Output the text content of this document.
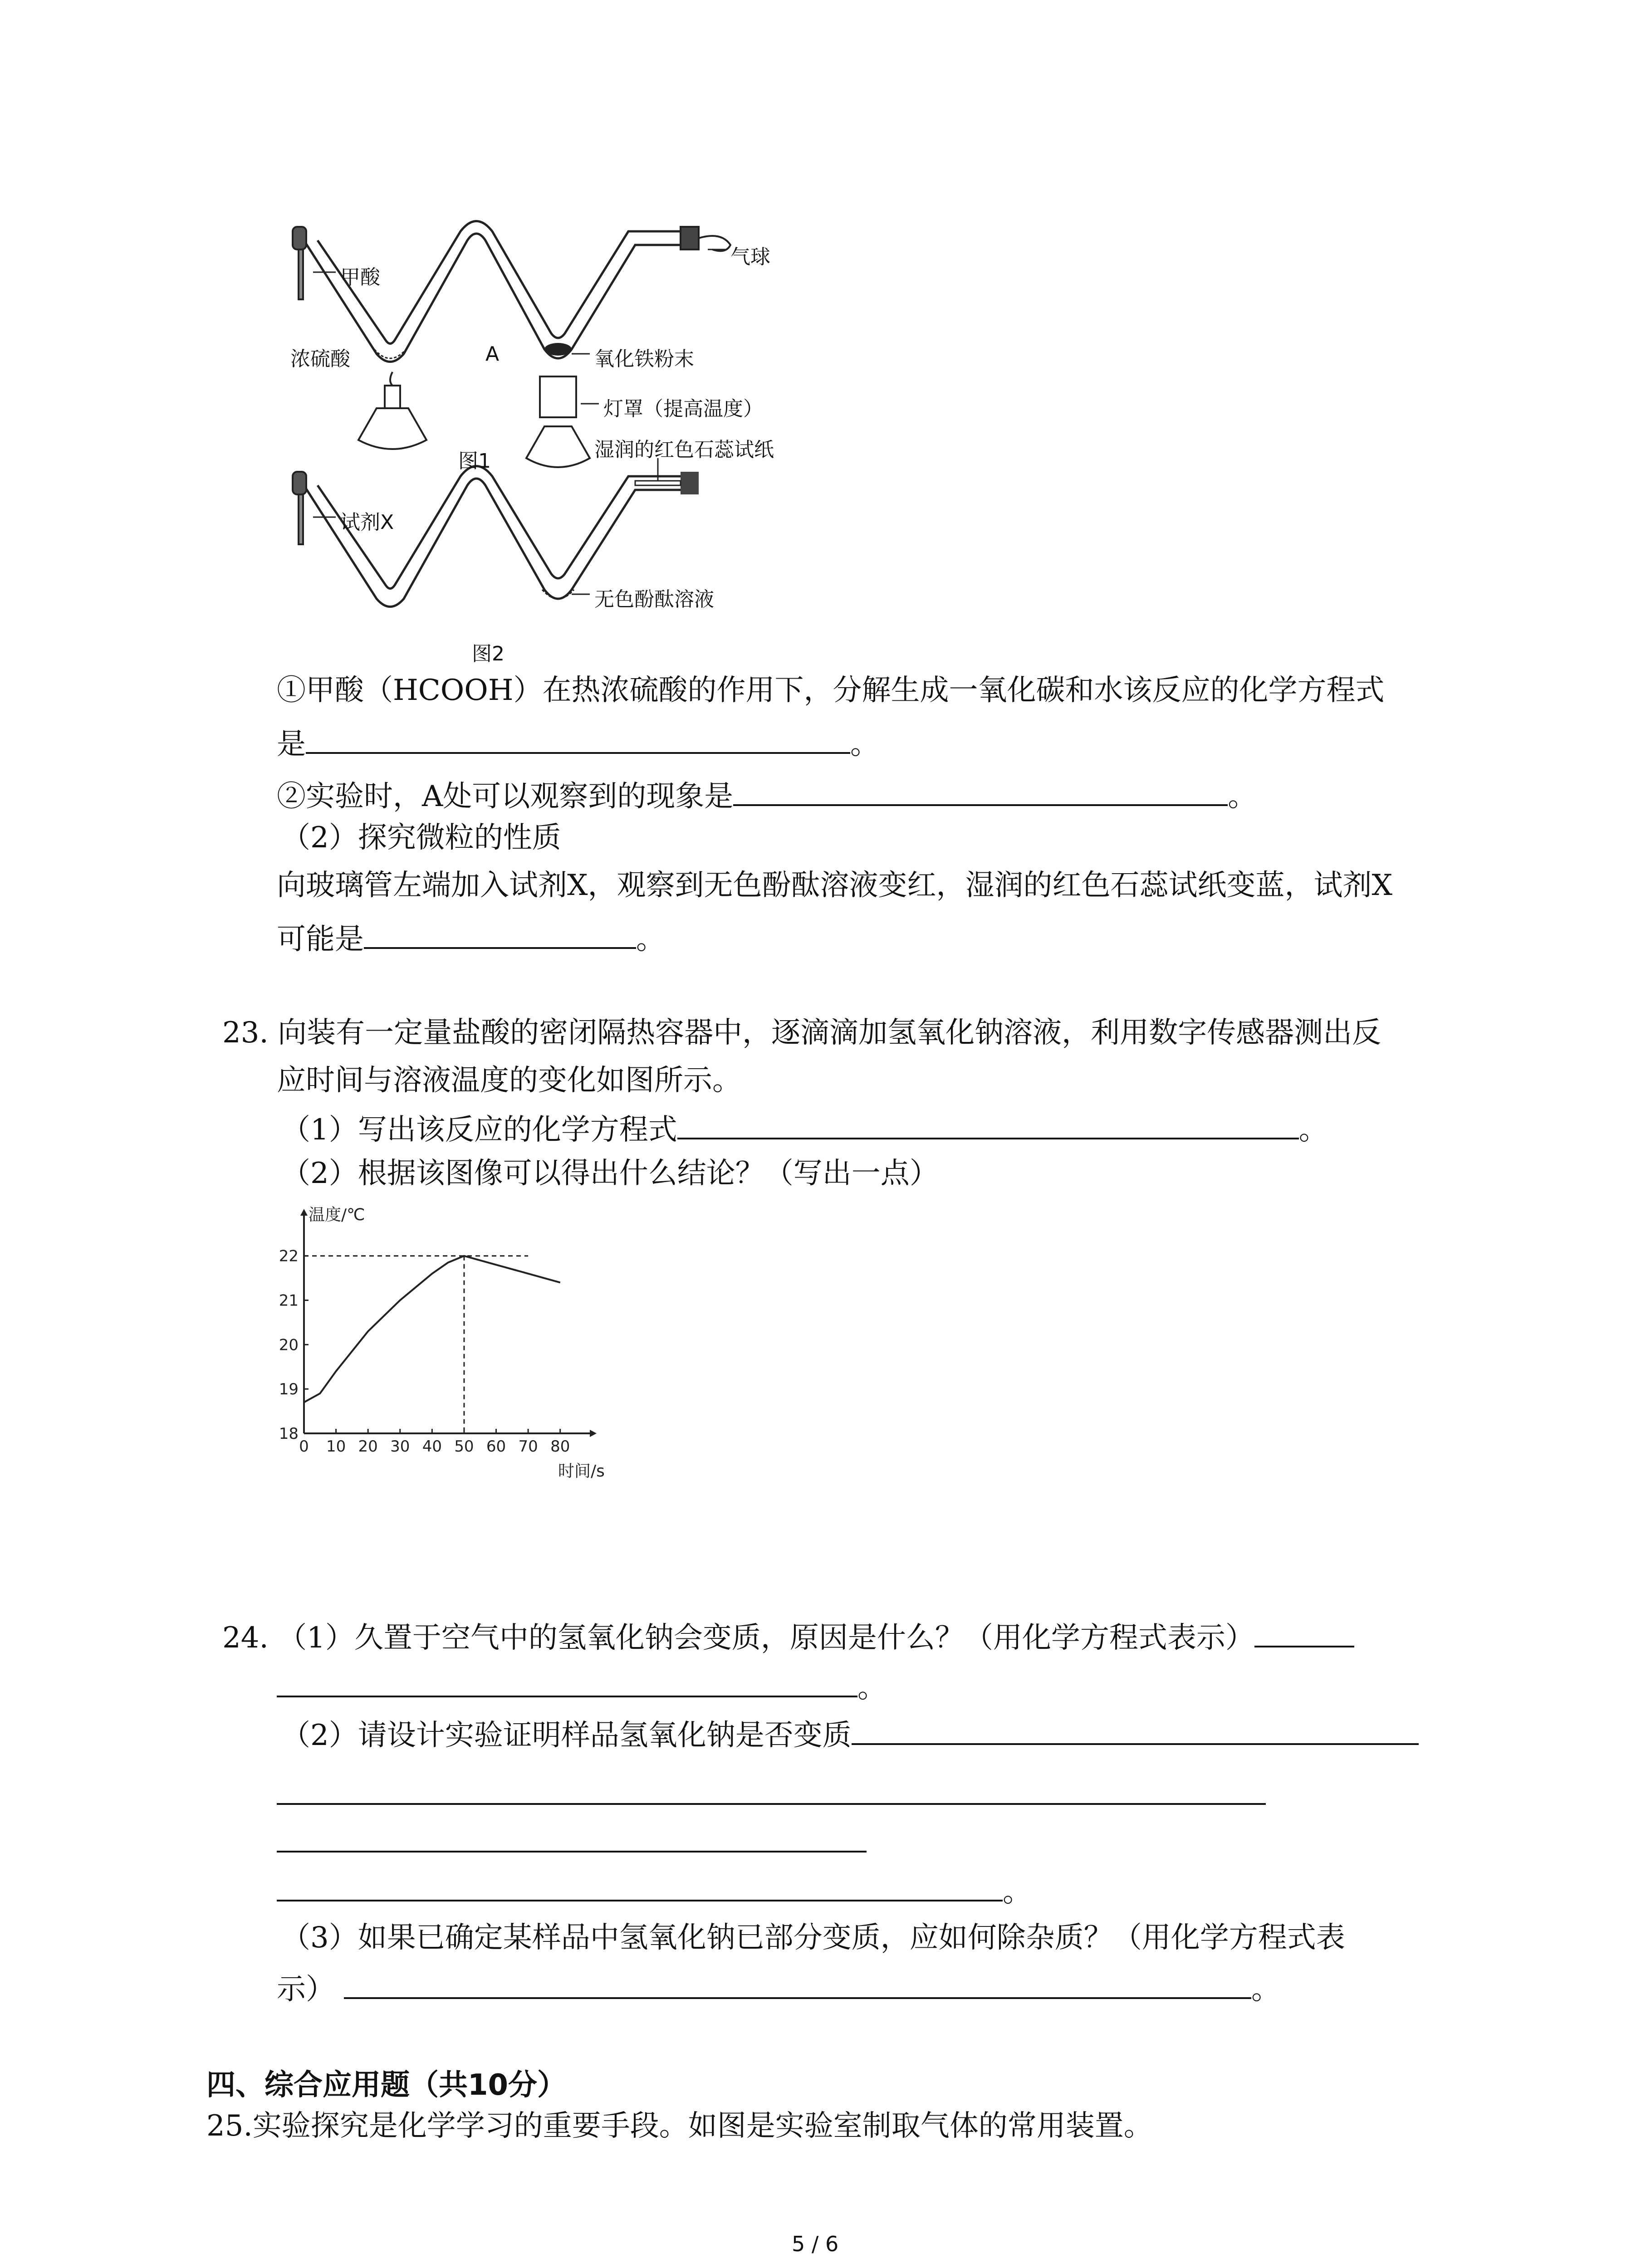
甲酸
气球
浓硫酸	A	氧化铁粉末
灯罩（提高温度）
图1	湿润的红色石蕊试纸
试剂X
无色酚酞溶液
图2
①甲酸（HCOOH）在热浓硫酸的作用下，分解生成一氧化碳和水该反应的化学方程式
是	。
②实验时，A处可以观察到的现象是	。
（2）探究微粒的性质
向玻璃管左端加入试剂X，观察到无色酚酞溶液变红，湿润的红色石蕊试纸变蓝，试剂X
可能是	。
23. 向装有一定量盐酸的密闭隔热容器中，逐滴滴加氢氧化钠溶液，利用数字传感器测出反
应时间与溶液温度的变化如图所示。
（1）写出该反应的化学方程式	。
（2）根据该图像可以得出什么结论？（写出一点）
0 10 20 30 40 50 60 70 80
18
19
20
21
22
温度/℃
时间/s
24. （1）久置于空气中的氢氧化钠会变质，原因是什么？（用化学方程式表示）
。
（2）请设计实验证明样品氢氧化钠是否变质
。
（3）如果已确定某样品中氢氧化钠已部分变质，应如何除杂质？（用化学方程式表
示）	。
四、综合应用题（共10分）
25.实验探究是化学学习的重要手段。如图是实验室制取气体的常用装置。
5 / 6
